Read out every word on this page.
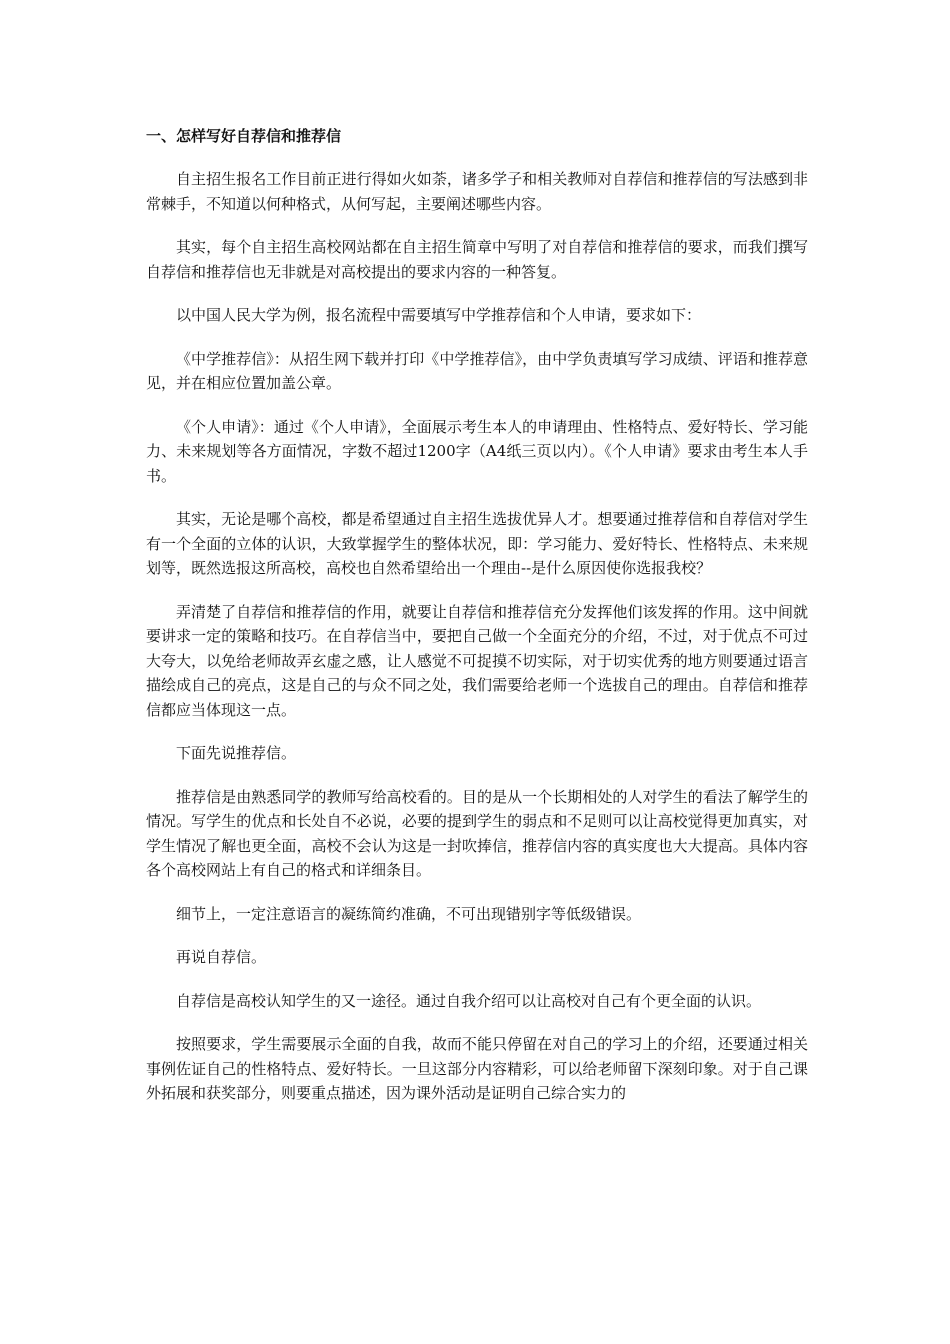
一、怎样写好自荐信和推荐信

自主招生报名工作目前正进行得如火如荼，诸多学子和相关教师对自荐信和推荐信的写法感到非常棘手，不知道以何种格式，从何写起，主要阐述哪些内容。

其实，每个自主招生高校网站都在自主招生简章中写明了对自荐信和推荐信的要求，而我们撰写自荐信和推荐信也无非就是对高校提出的要求内容的一种答复。

以中国人民大学为例，报名流程中需要填写中学推荐信和个人申请，要求如下：

《中学推荐信》：从招生网下载并打印《中学推荐信》，由中学负责填写学习成绩、评语和推荐意见，并在相应位置加盖公章。

《个人申请》：通过《个人申请》，全面展示考生本人的申请理由、性格特点、爱好特长、学习能力、未来规划等各方面情况，字数不超过1200字（A4纸三页以内）。《个人申请》要求由考生本人手书。

其实，无论是哪个高校，都是希望通过自主招生选拔优异人才。想要通过推荐信和自荐信对学生有一个全面的立体的认识，大致掌握学生的整体状况，即：学习能力、爱好特长、性格特点、未来规划等，既然选报这所高校，高校也自然希望给出一个理由--是什么原因使你选报我校？

弄清楚了自荐信和推荐信的作用，就要让自荐信和推荐信充分发挥他们该发挥的作用。这中间就要讲求一定的策略和技巧。在自荐信当中，要把自己做一个全面充分的介绍，不过，对于优点不可过大夸大，以免给老师故弄玄虚之感，让人感觉不可捉摸不切实际，对于切实优秀的地方则要通过语言描绘成自己的亮点，这是自己的与众不同之处，我们需要给老师一个选拔自己的理由。自荐信和推荐信都应当体现这一点。

下面先说推荐信。

推荐信是由熟悉同学的教师写给高校看的。目的是从一个长期相处的人对学生的看法了解学生的情况。写学生的优点和长处自不必说，必要的提到学生的弱点和不足则可以让高校觉得更加真实，对学生情况了解也更全面，高校不会认为这是一封吹捧信，推荐信内容的真实度也大大提高。具体内容各个高校网站上有自己的格式和详细条目。

细节上，一定注意语言的凝练简约准确，不可出现错别字等低级错误。

再说自荐信。

自荐信是高校认知学生的又一途径。通过自我介绍可以让高校对自己有个更全面的认识。

按照要求，学生需要展示全面的自我，故而不能只停留在对自己的学习上的介绍，还要通过相关事例佐证自己的性格特点、爱好特长。一旦这部分内容精彩，可以给老师留下深刻印象。对于自己课外拓展和获奖部分，则要重点描述，因为课外活动是证明自己综合实力的
